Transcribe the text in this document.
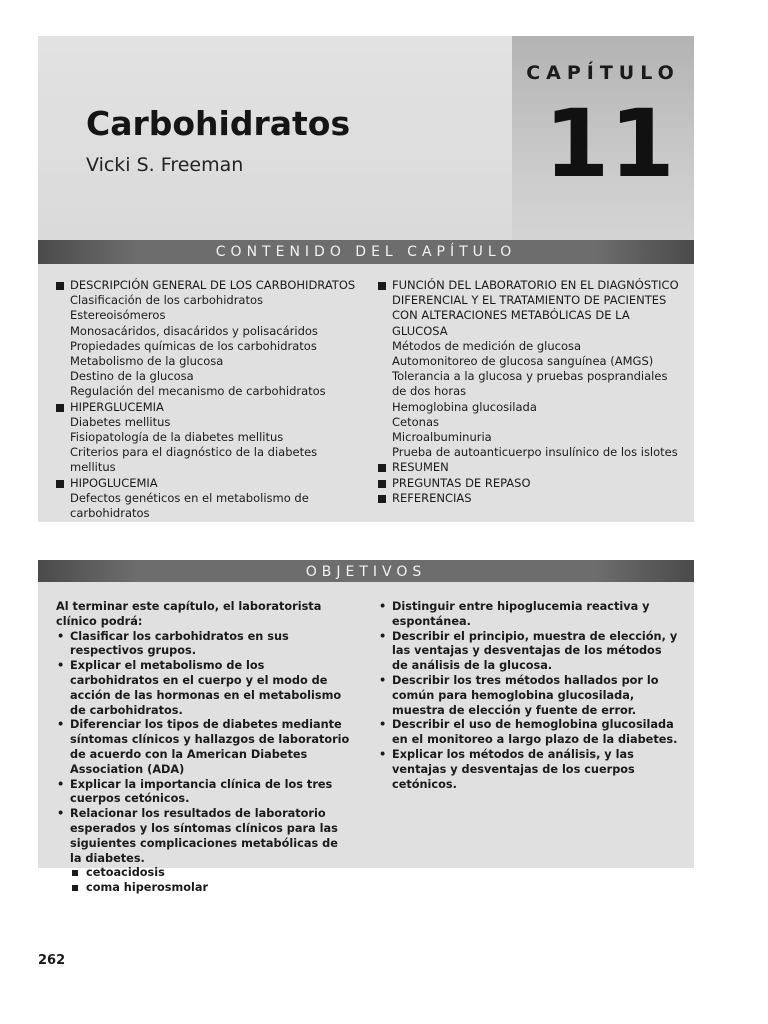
CAPÍTULO
11
Carbohidratos
Vicki S. Freeman
CONTENIDO DEL CAPÍTULO
DESCRIPCIÓN GENERAL DE LOS CARBOHIDRATOS
Clasificación de los carbohidratos
Estereoisómeros
Monosacáridos, disacáridos y polisacáridos
Propiedades químicas de los carbohidratos
Metabolismo de la glucosa
Destino de la glucosa
Regulación del mecanismo de carbohidratos
HIPERGLUCEMIA
Diabetes mellitus
Fisiopatología de la diabetes mellitus
Criterios para el diagnóstico de la diabetes mellitus
HIPOGLUCEMIA
Defectos genéticos en el metabolismo de carbohidratos
FUNCIÓN DEL LABORATORIO EN EL DIAGNÓSTICO DIFERENCIAL Y EL TRATAMIENTO DE PACIENTES CON ALTERACIONES METABÓLICAS DE LA GLUCOSA
Métodos de medición de glucosa
Automonitoreo de glucosa sanguínea (AMGS)
Tolerancia a la glucosa y pruebas posprandiales de dos horas
Hemoglobina glucosilada
Cetonas
Microalbuminuria
Prueba de autoanticuerpo insulínico de los islotes
RESUMEN
PREGUNTAS DE REPASO
REFERENCIAS
OBJETIVOS
Al terminar este capítulo, el laboratorista clínico podrá:
• Clasificar los carbohidratos en sus respectivos grupos.
• Explicar el metabolismo de los carbohidratos en el cuerpo y el modo de acción de las hormonas en el metabolismo de carbohidratos.
• Diferenciar los tipos de diabetes mediante síntomas clínicos y hallazgos de laboratorio de acuerdo con la American Diabetes Association (ADA)
• Explicar la importancia clínica de los tres cuerpos cetónicos.
• Relacionar los resultados de laboratorio esperados y los síntomas clínicos para las siguientes complicaciones metabólicas de la diabetes.
cetoacidosis
coma hiperosmolar
• Distinguir entre hipoglucemia reactiva y espontánea.
• Describir el principio, muestra de elección, y las ventajas y desventajas de los métodos de análisis de la glucosa.
• Describir los tres métodos hallados por lo común para hemoglobina glucosilada, muestra de elección y fuente de error.
• Describir el uso de hemoglobina glucosilada en el monitoreo a largo plazo de la diabetes.
• Explicar los métodos de análisis, y las ventajas y desventajas de los cuerpos cetónicos.
262
